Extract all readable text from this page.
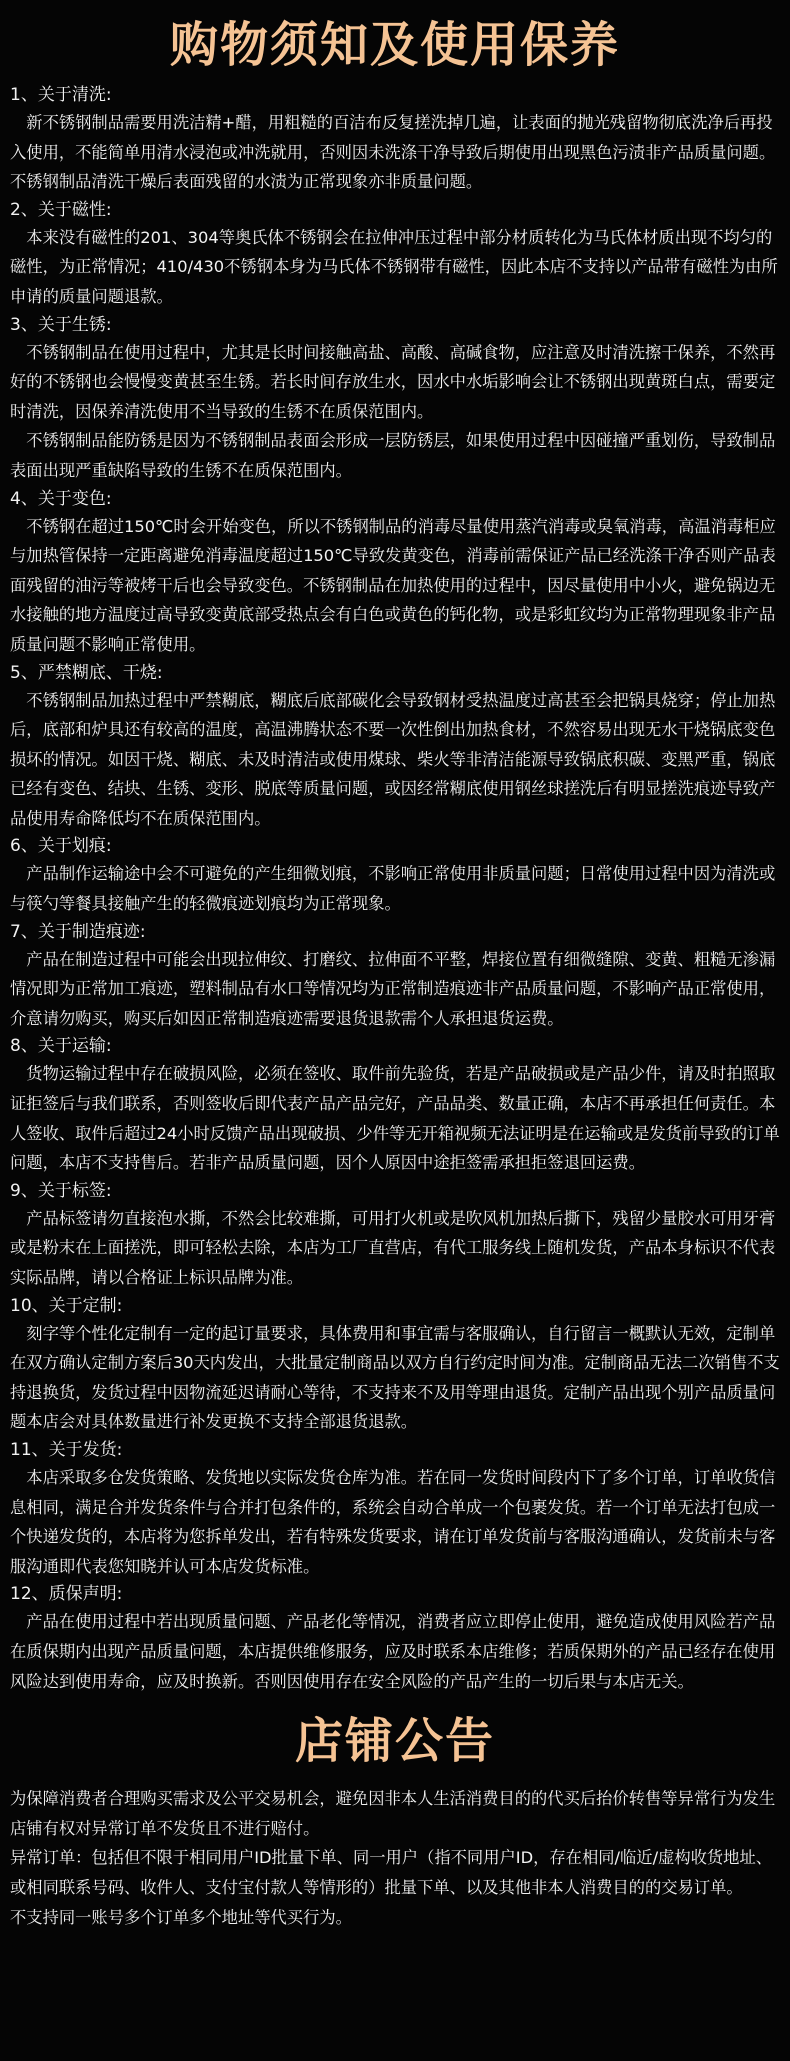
购物须知及使用保养

1、关于清洗:

新不锈钢制品需要用洗洁精+醋，用粗糙的百洁布反复搓洗掉几遍，让表面的抛光残留物彻底洗净后再投入使用，不能简单用清水浸泡或冲洗就用，否则因未洗涤干净导致后期使用出现黑色污渍非产品质量问题。不锈钢制品清洗干燥后表面残留的水渍为正常现象亦非质量问题。

2、关于磁性:

本来没有磁性的201、304等奥氏体不锈钢会在拉伸冲压过程中部分材质转化为马氏体材质出现不均匀的磁性，为正常情况；410/430不锈钢本身为马氏体不锈钢带有磁性，因此本店不支持以产品带有磁性为由所申请的质量问题退款。

3、关于生锈:

不锈钢制品在使用过程中，尤其是长时间接触高盐、高酸、高碱食物，应注意及时清洗擦干保养，不然再好的不锈钢也会慢慢变黄甚至生锈。若长时间存放生水，因水中水垢影响会让不锈钢出现黄斑白点，需要定时清洗，因保养清洗使用不当导致的生锈不在质保范围内。

不锈钢制品能防锈是因为不锈钢制品表面会形成一层防锈层，如果使用过程中因碰撞严重划伤，导致制品表面出现严重缺陷导致的生锈不在质保范围内。

4、关于变色:

不锈钢在超过150℃时会开始变色，所以不锈钢制品的消毒尽量使用蒸汽消毒或臭氧消毒，高温消毒柜应与加热管保持一定距离避免消毒温度超过150℃导致发黄变色，消毒前需保证产品已经洗涤干净否则产品表面残留的油污等被烤干后也会导致变色。不锈钢制品在加热使用的过程中，因尽量使用中小火，避免锅边无水接触的地方温度过高导致变黄底部受热点会有白色或黄色的钙化物，或是彩虹纹均为正常物理现象非产品质量问题不影响正常使用。

5、严禁糊底、干烧:

不锈钢制品加热过程中严禁糊底，糊底后底部碳化会导致钢材受热温度过高甚至会把锅具烧穿；停止加热后，底部和炉具还有较高的温度，高温沸腾状态不要一次性倒出加热食材，不然容易出现无水干烧锅底变色损坏的情况。如因干烧、糊底、未及时清洁或使用煤球、柴火等非清洁能源导致锅底积碳、变黑严重，锅底已经有变色、结块、生锈、变形、脱底等质量问题，或因经常糊底使用钢丝球搓洗后有明显搓洗痕迹导致产品使用寿命降低均不在质保范围内。

6、关于划痕:

产品制作运输途中会不可避免的产生细微划痕，不影响正常使用非质量问题；日常使用过程中因为清洗或与筷勺等餐具接触产生的轻微痕迹划痕均为正常现象。

7、关于制造痕迹:

产品在制造过程中可能会出现拉伸纹、打磨纹、拉伸面不平整，焊接位置有细微缝隙、变黄、粗糙无渗漏情况即为正常加工痕迹，塑料制品有水口等情况均为正常制造痕迹非产品质量问题，不影响产品正常使用，介意请勿购买，购买后如因正常制造痕迹需要退货退款需个人承担退货运费。

8、关于运输:

货物运输过程中存在破损风险，必须在签收、取件前先验货，若是产品破损或是产品少件，请及时拍照取证拒签后与我们联系，否则签收后即代表产品产品完好，产品品类、数量正确，本店不再承担任何责任。本人签收、取件后超过24小时反馈产品出现破损、少件等无开箱视频无法证明是在运输或是发货前导致的订单问题，本店不支持售后。若非产品质量问题，因个人原因中途拒签需承担拒签退回运费。

9、关于标签:

产品标签请勿直接泡水撕，不然会比较难撕，可用打火机或是吹风机加热后撕下，残留少量胶水可用牙膏或是粉末在上面搓洗，即可轻松去除，本店为工厂直营店，有代工服务线上随机发货，产品本身标识不代表实际品牌，请以合格证上标识品牌为准。

10、关于定制:

刻字等个性化定制有一定的起订量要求，具体费用和事宜需与客服确认，自行留言一概默认无效，定制单在双方确认定制方案后30天内发出，大批量定制商品以双方自行约定时间为准。定制商品无法二次销售不支持退换货，发货过程中因物流延迟请耐心等待，不支持来不及用等理由退货。定制产品出现个别产品质量问题本店会对具体数量进行补发更换不支持全部退货退款。

11、关于发货:

本店采取多仓发货策略、发货地以实际发货仓库为准。若在同一发货时间段内下了多个订单，订单收货信息相同，满足合并发货条件与合并打包条件的，系统会自动合单成一个包裹发货。若一个订单无法打包成一个快递发货的，本店将为您拆单发出，若有特殊发货要求，请在订单发货前与客服沟通确认，发货前未与客服沟通即代表您知晓并认可本店发货标准。

12、质保声明:

产品在使用过程中若出现质量问题、产品老化等情况，消费者应立即停止使用，避免造成使用风险若产品在质保期内出现产品质量问题，本店提供维修服务，应及时联系本店维修；若质保期外的产品已经存在使用风险达到使用寿命，应及时换新。否则因使用存在安全风险的产品产生的一切后果与本店无关。

店铺公告

为保障消费者合理购买需求及公平交易机会，避免因非本人生活消费目的的代买后抬价转售等异常行为发生店铺有权对异常订单不发货且不进行赔付。

异常订单：包括但不限于相同用户ID批量下单、同一用户（指不同用户ID，存在相同/临近/虚构收货地址、或相同联系号码、收件人、支付宝付款人等情形的）批量下单、以及其他非本人消费目的的交易订单。

不支持同一账号多个订单多个地址等代买行为。
